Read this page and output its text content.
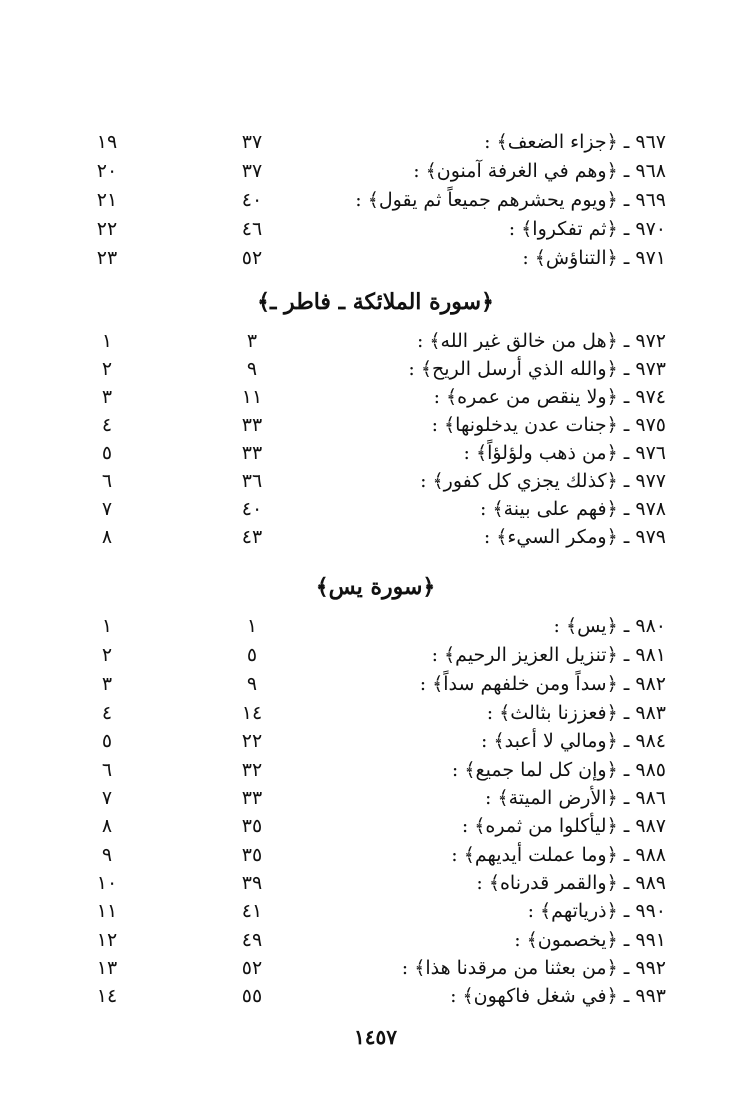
٩٦٧ ـ ﴿جزاء الضعف﴾ :
٣٧
١٩
٩٦٨ ـ ﴿وهم في الغرفة آمنون﴾ :
٣٧
٢٠
٩٦٩ ـ ﴿ويوم يحشرهم جميعاً ثم يقول﴾ :
٤٠
٢١
٩٧٠ ـ ﴿ثم تفكروا﴾ :
٤٦
٢٢
٩٧١ ـ ﴿التناؤش﴾ :
٥٢
٢٣
﴿سورة الملائكة ـ فاطر ـ﴾
٩٧٢ ـ ﴿هل من خالق غير الله﴾ :
٣
١
٩٧٣ ـ ﴿والله الذي أرسل الريح﴾ :
٩
٢
٩٧٤ ـ ﴿ولا ينقص من عمره﴾ :
١١
٣
٩٧٥ ـ ﴿جنات عدن يدخلونها﴾ :
٣٣
٤
٩٧٦ ـ ﴿من ذهب ولؤلؤاً﴾ :
٣٣
٥
٩٧٧ ـ ﴿كذلك يجزي كل كفور﴾ :
٣٦
٦
٩٧٨ ـ ﴿فهم على بينة﴾ :
٤٠
٧
٩٧٩ ـ ﴿ومكر السيء﴾ :
٤٣
٨
﴿سورة يس﴾
٩٨٠ ـ ﴿يس﴾ :
١
١
٩٨١ ـ ﴿تنزيل العزيز الرحيم﴾ :
٥
٢
٩٨٢ ـ ﴿سداً ومن خلفهم سداً﴾ :
٩
٣
٩٨٣ ـ ﴿فعززنا بثالث﴾ :
١٤
٤
٩٨٤ ـ ﴿ومالي لا أعبد﴾ :
٢٢
٥
٩٨٥ ـ ﴿وإن كل لما جميع﴾ :
٣٢
٦
٩٨٦ ـ ﴿الأرض الميتة﴾ :
٣٣
٧
٩٨٧ ـ ﴿ليأكلوا من ثمره﴾ :
٣٥
٨
٩٨٨ ـ ﴿وما عملت أيديهم﴾ :
٣٥
٩
٩٨٩ ـ ﴿والقمر قدرناه﴾ :
٣٩
١٠
٩٩٠ ـ ﴿ذرياتهم﴾ :
٤١
١١
٩٩١ ـ ﴿يخصمون﴾ :
٤٩
١٢
٩٩٢ ـ ﴿من بعثنا من مرقدنا هذا﴾ :
٥٢
١٣
٩٩٣ ـ ﴿في شغل فاكهون﴾ :
٥٥
١٤
١٤٥٧
